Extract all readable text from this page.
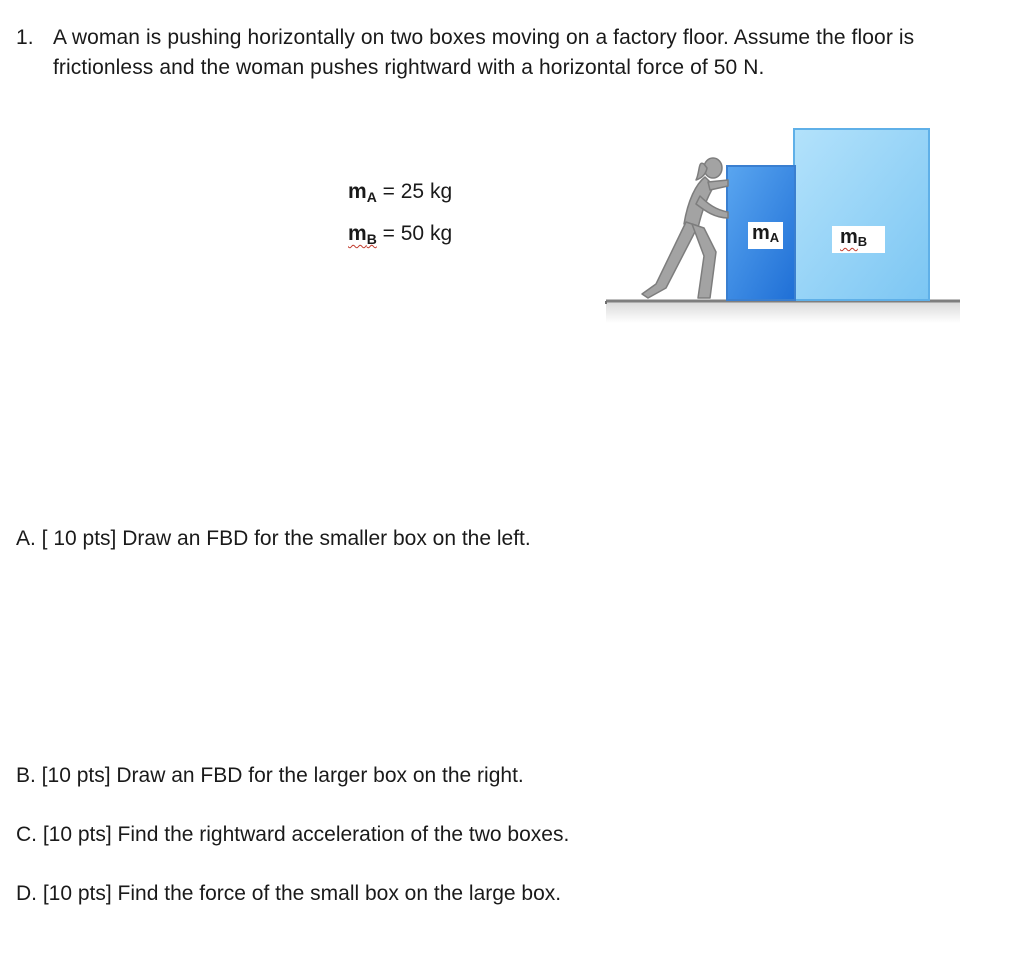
1. A woman is pushing horizontally on two boxes moving on a factory floor. Assume the floor is
frictionless and the woman pushes rightward with a horizontal force of 50 N.
$m_A = 25$ kg
$m_B = 50$ kg	$m_A$	$m_B$
A. [ 10 pts] Draw an FBD for the smaller box on the left.
B. [10 pts] Draw an FBD for the larger box on the right.
C. [10 pts] Find the rightward acceleration of the two boxes.
D. [10 pts] Find the force of the small box on the large box.
